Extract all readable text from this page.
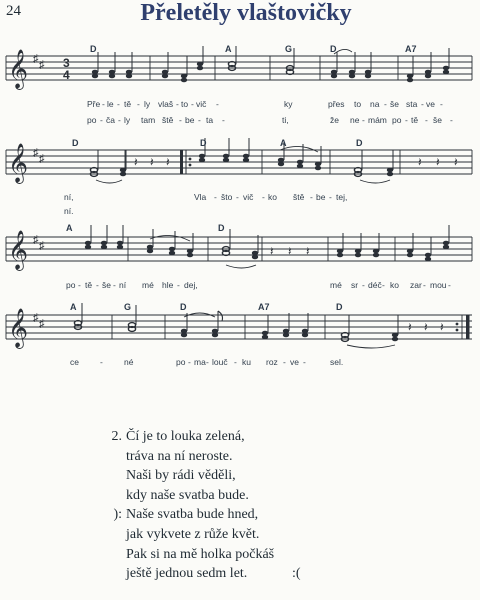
24	Přeletěly vlaštovičky
𝄞 ♯ ♯ 3
4
D	A	G	D	A7
Pře - le - tě - ly vlaš - to - vič -	ky	přes to na - še sta - ve -
po - ča - ly tam ště - be - ta -	ti,	že ne - mám po - tě - še -
𝄞 ♯ ♯	𝄽 𝄽 𝄽	𝄽 𝄽 𝄽
D	D	A	D
ní,	Vla - što - vič - ko ště - be - tej,
ní.
𝄞 ♯ ♯	𝄽 𝄽 𝄽
A	D
po - tě - še - ní mé hle - dej,	mé sr - déč - ko zar - mou -
𝄞 ♯ ♯	𝄽 𝄽 𝄽
A	G	D	A7	D
ce - né	po - ma - louč - ku roz - ve -	sel.
2. Čí je to louka zelená,
tráva na ní neroste.
Naši by rádi věděli,
kdy naše svatba bude.
): Naše svatba bude hned,
jak vykvete z růže květ.
Pak si na mě holka počkáš
ještě jednou sedm let.	:(
